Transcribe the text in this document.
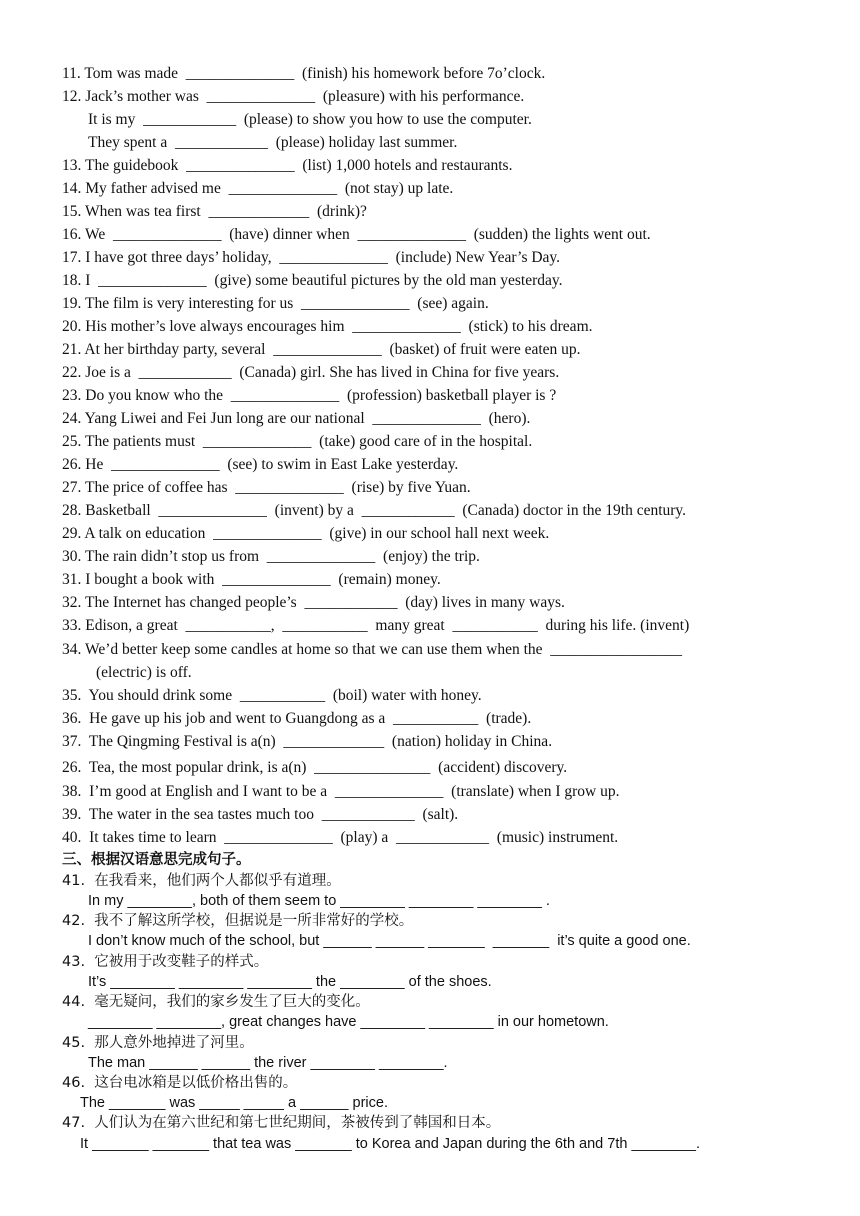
11. Tom was made  ______________  (finish) his homework before 7o’clock.
12. Jack’s mother was  ______________  (pleasure) with his performance.
It is my  ____________  (please) to show you how to use the computer.
They spent a  ____________  (please) holiday last summer.
13. The guidebook  ______________  (list) 1,000 hotels and restaurants.
14. My father advised me  ______________  (not stay) up late.
15. When was tea first  _____________  (drink)?
16. We  ______________  (have) dinner when  ______________  (sudden) the lights went out.
17. I have got three days’ holiday,  ______________  (include) New Year’s Day.
18. I  ______________  (give) some beautiful pictures by the old man yesterday.
19. The film is very interesting for us  ______________  (see) again.
20. His mother’s love always encourages him  ______________  (stick) to his dream.
21. At her birthday party, several  ______________  (basket) of fruit were eaten up.
22. Joe is a  ____________  (Canada) girl. She has lived in China for five years.
23. Do you know who the  ______________  (profession) basketball player is ?
24. Yang Liwei and Fei Jun long are our national  ______________  (hero).
25. The patients must  ______________  (take) good care of in the hospital.
26. He  ______________  (see) to swim in East Lake yesterday.
27. The price of coffee has  ______________  (rise) by five Yuan.
28. Basketball  ______________  (invent) by a  ____________  (Canada) doctor in the 19th century.
29. A talk on education  ______________  (give) in our school hall next week.
30. The rain didn’t stop us from  ______________  (enjoy) the trip.
31. I bought a book with  ______________  (remain) money.
32. The Internet has changed people’s  ____________  (day) lives in many ways.
33. Edison, a great  ___________,  ___________  many great  ___________  during his life. (invent)
34. We’d better keep some candles at home so that we can use them when the  _________________
(electric) is off.
35.  You should drink some  ___________  (boil) water with honey.
36.  He gave up his job and went to Guangdong as a  ___________  (trade).
37.  The Qingming Festival is a(n)  _____________  (nation) holiday in China.
26.  Tea, the most popular drink, is a(n)  _______________  (accident) discovery.
38.  I’m good at English and I want to be a  ______________  (translate) when I grow up.
39.  The water in the sea tastes much too  ____________  (salt).
40.  It takes time to learn  ______________  (play) a  ____________  (music) instrument.
三、根据汉语意思完成句子。
41.  在我看来，他们两个人都似乎有道理。
In my ________, both of them seem to ________ ________ ________ .
42.  我不了解这所学校，但据说是一所非常好的学校。
I don’t know much of the school, but ______ ______ _______  _______  it’s quite a good one.
43.  它被用于改变鞋子的样式。
It’s ________ ________ ________ the ________ of the shoes.
44.  毫无疑问，我们的家乡发生了巨大的变化。
________ ________, great changes have ________ ________ in our hometown.
45.  那人意外地掉进了河里。
The man ______ ______ the river ________ ________.
46.  这台电冰箱是以低价格出售的。
The _______ was _____ _____ a ______ price.
47.  人们认为在第六世纪和第七世纪期间，茶被传到了韩国和日本。
It _______ _______ that tea was _______ to Korea and Japan during the 6th and 7th ________.
